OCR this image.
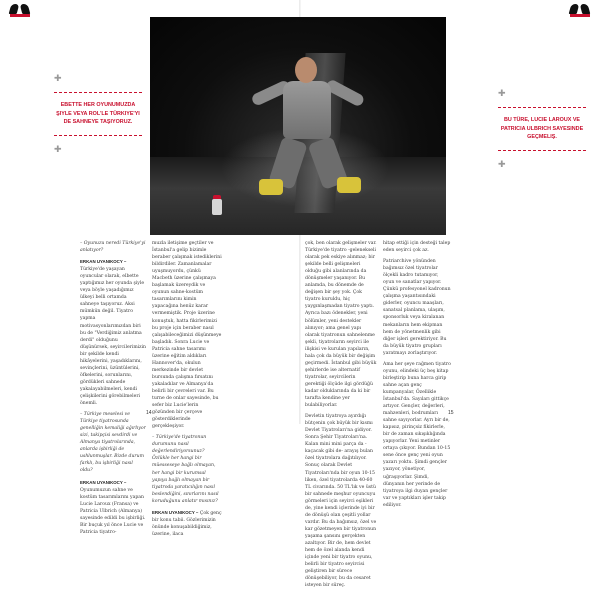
✚
EBETTE HER OYUNUMUZDA ŞIYLE VEYA ROL'LE TÜRKIYE'YI DE SAHNEYE TAŞIYORUZ.
✚
✚
BU TÜRE, LUCIE LAROUX VE PATRICIA ULBRICH SAYESINDE GEÇMELIŞ.
✚

– Oyunuzu neredi Türkiye'yi anlatıyor?

ERKAN UYANIKOCY – Türkiye'de yaşayan oyuncular olarak, elbette yaptığımız her oyunda şiyle veya böyle yaşadığımız ülkeyi belli ortamda sahneye taşıyoruz. Aksi mümkün değil. Tiyatro yapma motivasyonlarımızdan biri bu de "Verdiğimiz anlatma derdi" olduğunu düşünürsek, seyircilerimizin bir şekilde kendi hikâyelerini, yaşadıklarını, sevinçlerini, üzüntülerini, öfkelerini, sorunlarını, gördükleri sahnede yakalayabilmeleri, kendi çelişkilerini görebilmeleri önemli.

– Türkiye meselesi ve Türkiye tiyatrosunda genelliğin kemaliği ağırlıyor sizi, takipçisi sevdirdi ve Almanya tiyatrolarında, anlarda işbirliği de ushlunmuşlar. Bizde durum farklı, bu işbirliği nasıl oldu?

ERKAN UYANIKOCY – Oyunumuzun sahne ve kostüm tasarımlarını yapan Lucie Laroux (Fransa) ve Patricia Ulbrich (Almanya) sayesinde edildi bu işbirliği. Bir buçuk yıl önce Lucie ve Patricia tiyatro-

muzla iletişime geçtiler ve İstanbul'a gelip bizimle beraber çalışmak istediklerini bildirdiler. Zamanlamalar uyuşmuyordu, çünkü Macbeth üzerine çalışmaya başlamak üzereydik ve oyunun sahne-kostüm tasarımlarını kimin yapacağına henüz karar vermemiştik. Proje üzerine konuştuk, hatta fikirlerimizi bu proje için beraber nasıl çalışabileceğimizi düşünmeye başladık. Sonra Lucie ve Patricia sahne tasarımı üzerine eğitim aldıkları Hannover'da, okulun merkezinde bir devlet bursunda çalışma fırsatını yakaladılar ve Almanya'da belirli bir çevreleri var. Bu turne de onlar sayesinde, bu sefer biz Lucie'lerin gözünden bir çerçeve gösterdiklerinde gerçekleşiyor.

– Türkiye'de tiyatronun durumunu nasıl değerlendiriyorsunuz? Özlükle her hangi bir müesseseye bağlı olmayan, her hangi bir kurumsal yapıya bağlı olmayan bir tiyatroda yaratıcılığın nasıl beslendiğini, sınırlarını nasıl koruduğunu anlatır mısınız?

ERKAN UYANIKOCY – Çok genç bir konu tabii. Gözlerimizin önünde konuşabildiğimiz, üzerine, ilaca

çok, ben olarak gelişmeler var. Türkiye'de tiyatro -gelenekseli olarak pek eskiye alınmaz; bir şekilde belli gelişmeleri olduğu gibi alanlarında da dönüşmeler yaşanıyor. Bu anlamda, bu dönemde de değişen bir şey yok. Çok tiyatro kuruldu, hiç yaygınlaşmadan tiyatro yaptı. Ayrıca bazı ödenekler, yeni bölümler, yeni destekler alınıyor; ama genel yapı olarak tiyatronun sahnelenme şekli, tiyatroların seyirci ile ilişkisi ve kurulan yapıların, hala çok da büyük bir değişim geçirmedi. İstanbul gibi büyük şehirlerde ise alternatif tiyatrolar, seyircilerin gerektiği ölçüde ilgi gördüğü kadar olduklarında da ki bir tarafta kendine yer bulabiliyorlar.

Devletin tiyatroya ayırdığı bütçenin çok büyük bir kısmı Devlet Tiyatroları'na gidiyor. Sonra Şehir Tiyatroları'na. Kalan mini mini parça da -kaçacak gibi de- arayış bulan özel tiyatrolara dağıtılıyor. Sonuç olarak Devlet Tiyatroları'nda bir oyun 10-15 liken, özel tiyatrolarda 40-60 TL civarında. 50 TL'lık ve üstü bir sahnede meşhur oyuncuyu görmeleri için seyirci eşikleri de, yine kendi içlerinde iyi bir de dönüşü olan çeşitli yollar vardır. Bu da bağımsız, özel ve kar gözetmeyen bir tiyatronun yaşama şansını gerçekten azaltıyor. Bir de, hem devlet hem de özel alanda kendi içinde yeni bir tiyatro oyunu, belirli bir tiyatro seyircisi geliştiren bir sürece dönüşebiliyor, bu da cesaret isteyen bir süreç.

hitap ettiği için desteği talep eden seyirci çok az.

Patriarchive yönünden bağımsız özel tiyatrolar ölçekli kadro tutamıyor, oyun ve sanatlar yapıyor. Çünkü profesyonel kadronun çalışma yaşantısındaki giderler, oyuncu maaşları, sanatsal planlama, ulaşım, sponsorluk veya kiralanan mekanların hem ekipman hem de yönetmenlik gibi diğer işleri gerektiriyor. Bu da büyük tiyatro grupları yaratmayı zorlaştırıyor.

Ama her şeye rağmen tiyatro oyunu, elindeki üç beş kitap birleştirip buna harca girip sahne açan genç kumpanyalar, Özellikle İstanbul'da. Sayıları gittikçe artıyor. Gençler, değerleri, mahzenleri, bodrumları sahne sayıyorlar. Ayrı bir de, kapısız, pirinçsiz fikirlerle, bir de zaman sıkışıklığında yapıyorlar. Yeni metinler ortaya çıkıyor. Bundan 10-15 sene önce genç yeni oyun yazarı yoktu. Şimdi gençler yazıyor, yönetiyor, uğraşıyorlar. Şimdi, dünyanın her yerinde de tiyatroya ilgi duyan gençler var ve yaptıkları işler takip ediliyor.

14	15
